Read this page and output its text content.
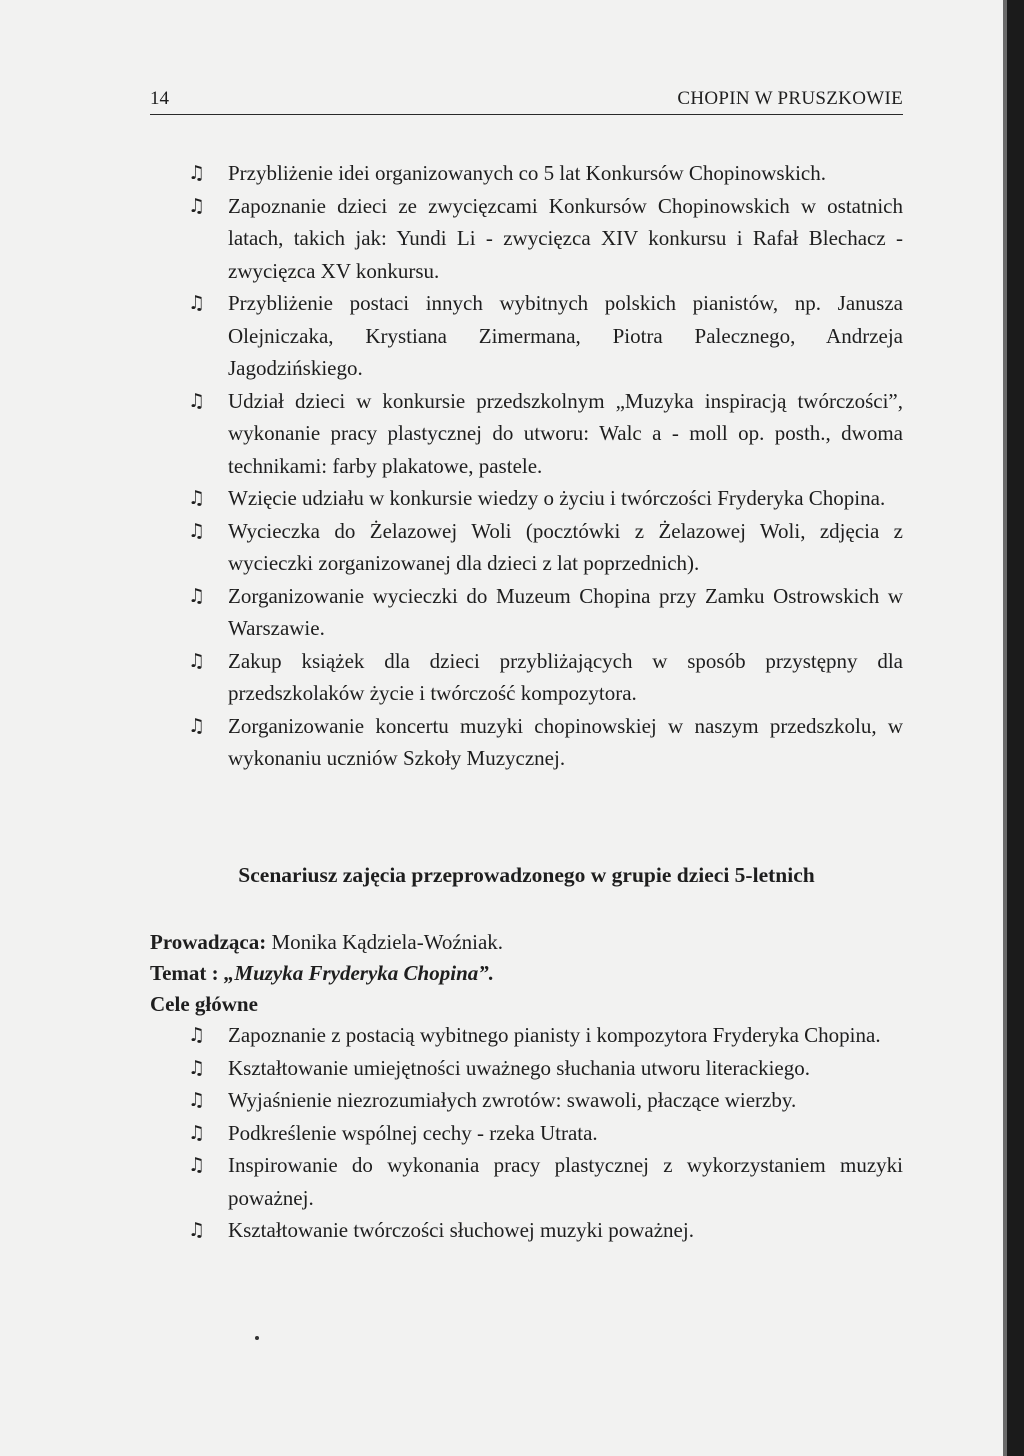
14	CHOPIN W PRUSZKOWIE
♫ Przybliżenie idei organizowanych co 5 lat Konkursów Chopinowskich.
♫ Zapoznanie dzieci ze zwycięzcami Konkursów Chopinowskich w ostatnich latach, takich jak: Yundi Li - zwycięzca XIV konkursu i Rafał Blechacz - zwycięzca XV konkursu.
♫ Przybliżenie postaci innych wybitnych polskich pianistów, np. Janusza Olejniczaka, Krystiana Zimermana, Piotra Palecznego, Andrzeja Jagodzińskiego.
♫ Udział dzieci w konkursie przedszkolnym „Muzyka inspiracją twórczości”, wykonanie pracy plastycznej do utworu: Walc a - moll op. posth., dwoma technikami: farby plakatowe, pastele.
♫ Wzięcie udziału w konkursie wiedzy o życiu i twórczości Fryderyka Chopina.
♫ Wycieczka do Żelazowej Woli (pocztówki z Żelazowej Woli, zdjęcia z wycieczki zorganizowanej dla dzieci z lat poprzednich).
♫ Zorganizowanie wycieczki do Muzeum Chopina przy Zamku Ostrowskich w Warszawie.
♫ Zakup książek dla dzieci przybliżających w sposób przystępny dla przedszkolaków życie i twórczość kompozytora.
♫ Zorganizowanie koncertu muzyki chopinowskiej w naszym przedszkolu, w wykonaniu uczniów Szkoły Muzycznej.
Scenariusz zajęcia przeprowadzonego w grupie dzieci 5-letnich
Prowadząca: Monika Kądziela-Woźniak.
Temat : „Muzyka Fryderyka Chopina”.
Cele główne
♫ Zapoznanie z postacią wybitnego pianisty i kompozytora Fryderyka Chopina.
♫ Kształtowanie umiejętności uważnego słuchania utworu literackiego.
♫ Wyjaśnienie niezrozumiałych zwrotów: swawoli, płaczące wierzby.
♫ Podkreślenie wspólnej cechy - rzeka Utrata.
♫ Inspirowanie do wykonania pracy plastycznej z wykorzystaniem muzyki poważnej.
♫ Kształtowanie twórczości słuchowej muzyki poważnej.
